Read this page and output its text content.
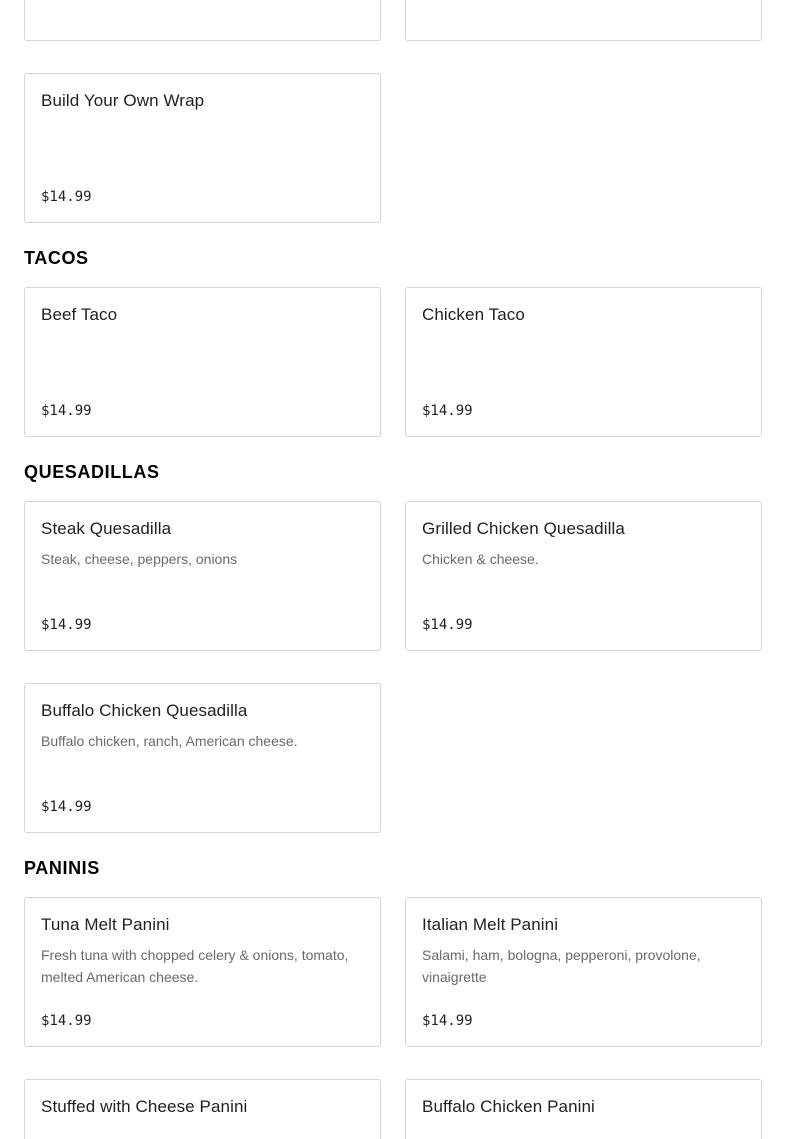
Build Your Own Wrap
$14.99
TACOS
Beef Taco
$14.99
Chicken Taco
$14.99
QUESADILLAS
Steak Quesadilla
Steak, cheese, peppers, onions
$14.99
Grilled Chicken Quesadilla
Chicken & cheese.
$14.99
Buffalo Chicken Quesadilla
Buffalo chicken, ranch, American cheese.
$14.99
PANINIS
Tuna Melt Panini
Fresh tuna with chopped celery & onions, tomato, melted American cheese.
$14.99
Italian Melt Panini
Salami, ham, bologna, pepperoni, provolone, vinaigrette
$14.99
Stuffed with Cheese Panini	Buffalo Chicken Panini
